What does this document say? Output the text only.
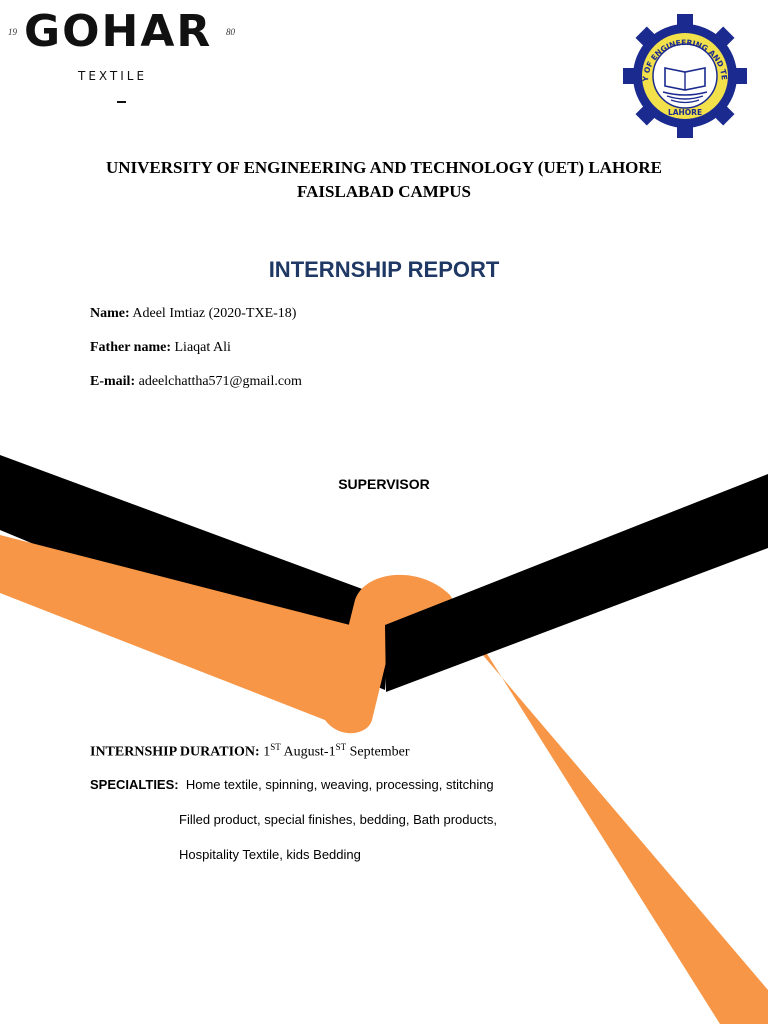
19 GOHAR 80
TEXTILE	Y OF ENGINEERING AND TE
LAHORE
UNIVERSITY OF ENGINEERING AND TECHNOLOGY (UET) LAHORE
FAISLABAD CAMPUS
INTERNSHIP REPORT
Name: Adeel Imtiaz (2020-TXE-18)
Father name: Liaqat Ali
E-mail: adeelchattha571@gmail.com
SUPERVISOR
INTERNSHIP DURATION: 1ST August-1ST September
SPECIALTIES: Home textile, spinning, weaving, processing, stitching
Filled product, special finishes, bedding, Bath products,
Hospitality Textile, kids Bedding
